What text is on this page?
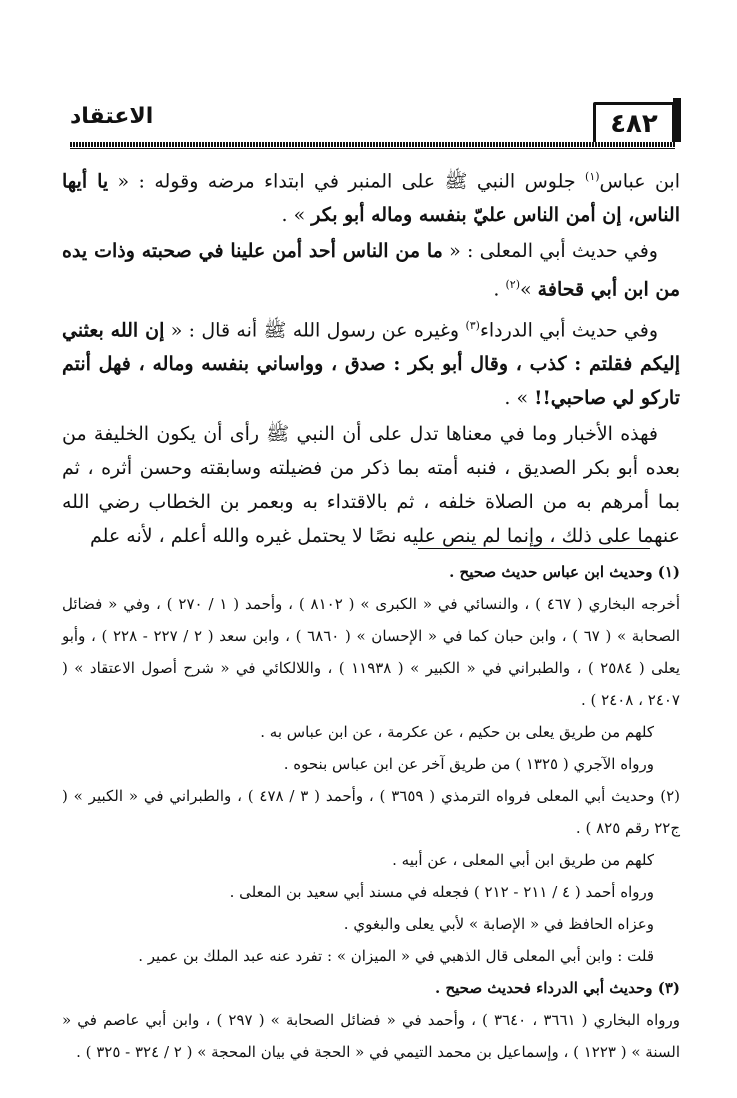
٤٨٢
الاعتقاد

ابن عباس$^{(١)}$ جلوس النبي ﷺ على المنبر في ابتداء مرضه وقوله : « يا أيها الناس، إن أمن الناس عليّ بنفسه وماله أبو بكر » .

وفي حديث أبي المعلى : « ما من الناس أحد أمن علينا في صحبته وذات يده من ابن أبي قحافة »$^{(٢)}$ .

وفي حديث أبي الدرداء$^{(٣)}$ وغيره عن رسول الله ﷺ أنه قال : « إن الله بعثني إليكم فقلتم : كذب ، وقال أبو بكر : صدق ، وواساني بنفسه وماله ، فهل أنتم تاركو لي صاحبي!! » .

فهذه الأخبار وما في معناها تدل على أن النبي ﷺ رأى أن يكون الخليفة من بعده أبو بكر الصديق ، فنبه أمته بما ذكر من فضيلته وسابقته وحسن أثره ، ثم بما أمرهم به من الصلاة خلفه ، ثم بالاقتداء به وبعمر بن الخطاب رضي الله عنهما على ذلك ، وإنما لم ينص عليه نصًا لا يحتمل غيره والله أعلم ، لأنه علم

(١) وحديث ابن عباس حديث صحيح .

أخرجه البخاري ( ٤٦٧ ) ، والنسائي في « الكبرى » ( ٨١٠٢ ) ، وأحمد ( ١ / ٢٧٠ ) ، وفي « فضائل الصحابة » ( ٦٧ ) ، وابن حبان كما في « الإحسان » ( ٦٨٦٠ ) ، وابن سعد ( ٢ / ٢٢٧ - ٢٢٨ ) ، وأبو يعلى ( ٢٥٨٤ ) ، والطبراني في « الكبير » ( ١١٩٣٨ ) ، واللالكائي في « شرح أصول الاعتقاد » ( ٢٤٠٧ ، ٢٤٠٨ ) .

كلهم من طريق يعلى بن حكيم ، عن عكرمة ، عن ابن عباس به .

ورواه الآجري ( ١٣٢٥ ) من طريق آخر عن ابن عباس بنحوه .

(٢) وحديث أبي المعلى فرواه الترمذي ( ٣٦٥٩ ) ، وأحمد ( ٣ / ٤٧٨ ) ، والطبراني في « الكبير » ( ج٢٢ رقم ٨٢٥ ) .

كلهم من طريق ابن أبي المعلى ، عن أبيه .

ورواه أحمد ( ٤ / ٢١١ - ٢١٢ ) فجعله في مسند أبي سعيد بن المعلى .

وعزاه الحافظ في « الإصابة » لأبي يعلى والبغوي .

قلت : وابن أبي المعلى قال الذهبي في « الميزان » : تفرد عنه عبد الملك بن عمير .

(٣) وحديث أبي الدرداء فحديث صحيح .

ورواه البخاري ( ٣٦٦١ ، ٣٦٤٠ ) ، وأحمد في « فضائل الصحابة » ( ٢٩٧ ) ، وابن أبي عاصم في « السنة » ( ١٢٢٣ ) ، وإسماعيل بن محمد التيمي في « الحجة في بيان المحجة » ( ٢ / ٣٢٤ - ٣٢٥ ) .
